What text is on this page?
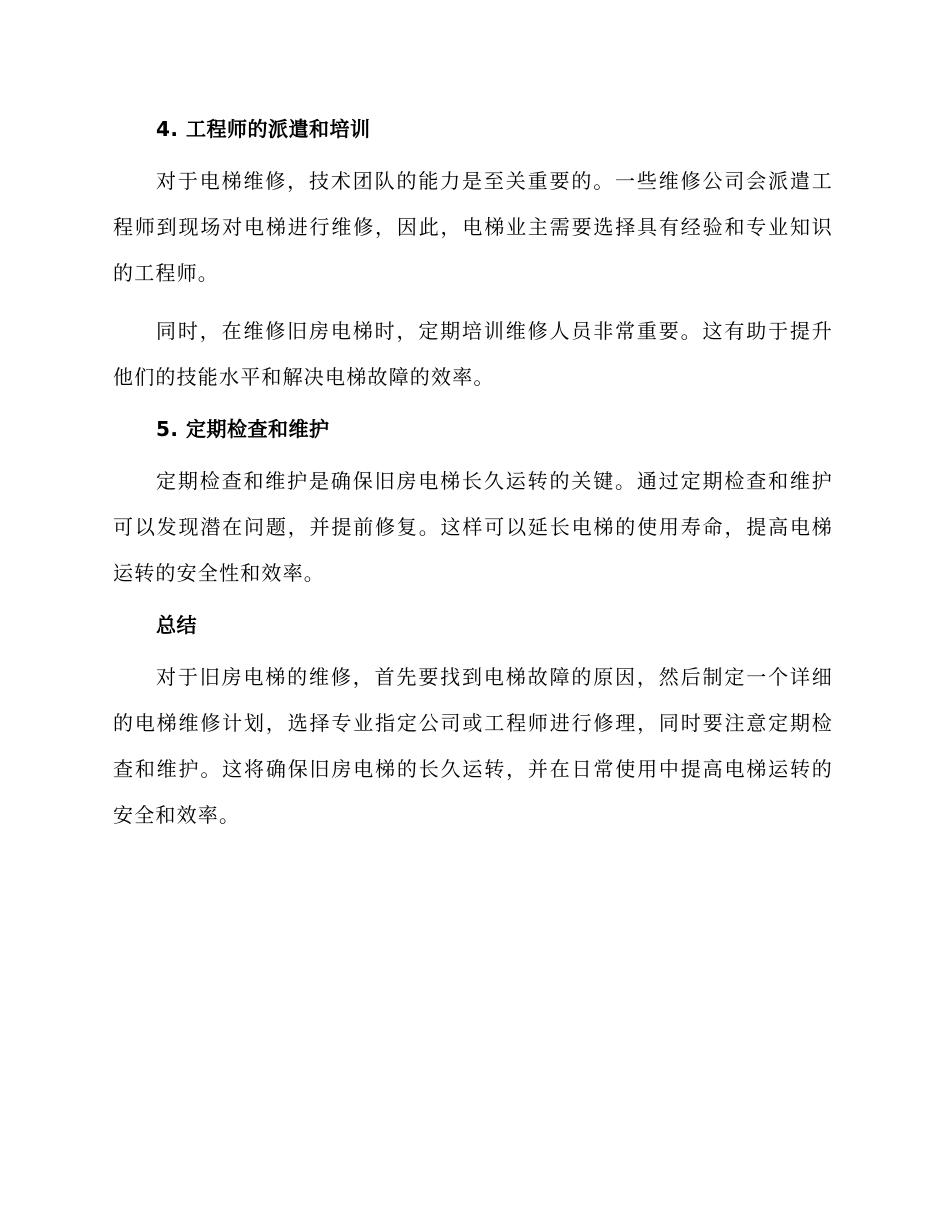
4. 工程师的派遣和培训

对于电梯维修，技术团队的能力是至关重要的。一些维修公司会派遣工程师到现场对电梯进行维修，因此，电梯业主需要选择具有经验和专业知识的工程师。

同时，在维修旧房电梯时，定期培训维修人员非常重要。这有助于提升他们的技能水平和解决电梯故障的效率。

5. 定期检查和维护

定期检查和维护是确保旧房电梯长久运转的关键。通过定期检查和维护可以发现潜在问题，并提前修复。这样可以延长电梯的使用寿命，提高电梯运转的安全性和效率。

总结

对于旧房电梯的维修，首先要找到电梯故障的原因，然后制定一个详细的电梯维修计划，选择专业指定公司或工程师进行修理，同时要注意定期检查和维护。这将确保旧房电梯的长久运转，并在日常使用中提高电梯运转的安全和效率。
